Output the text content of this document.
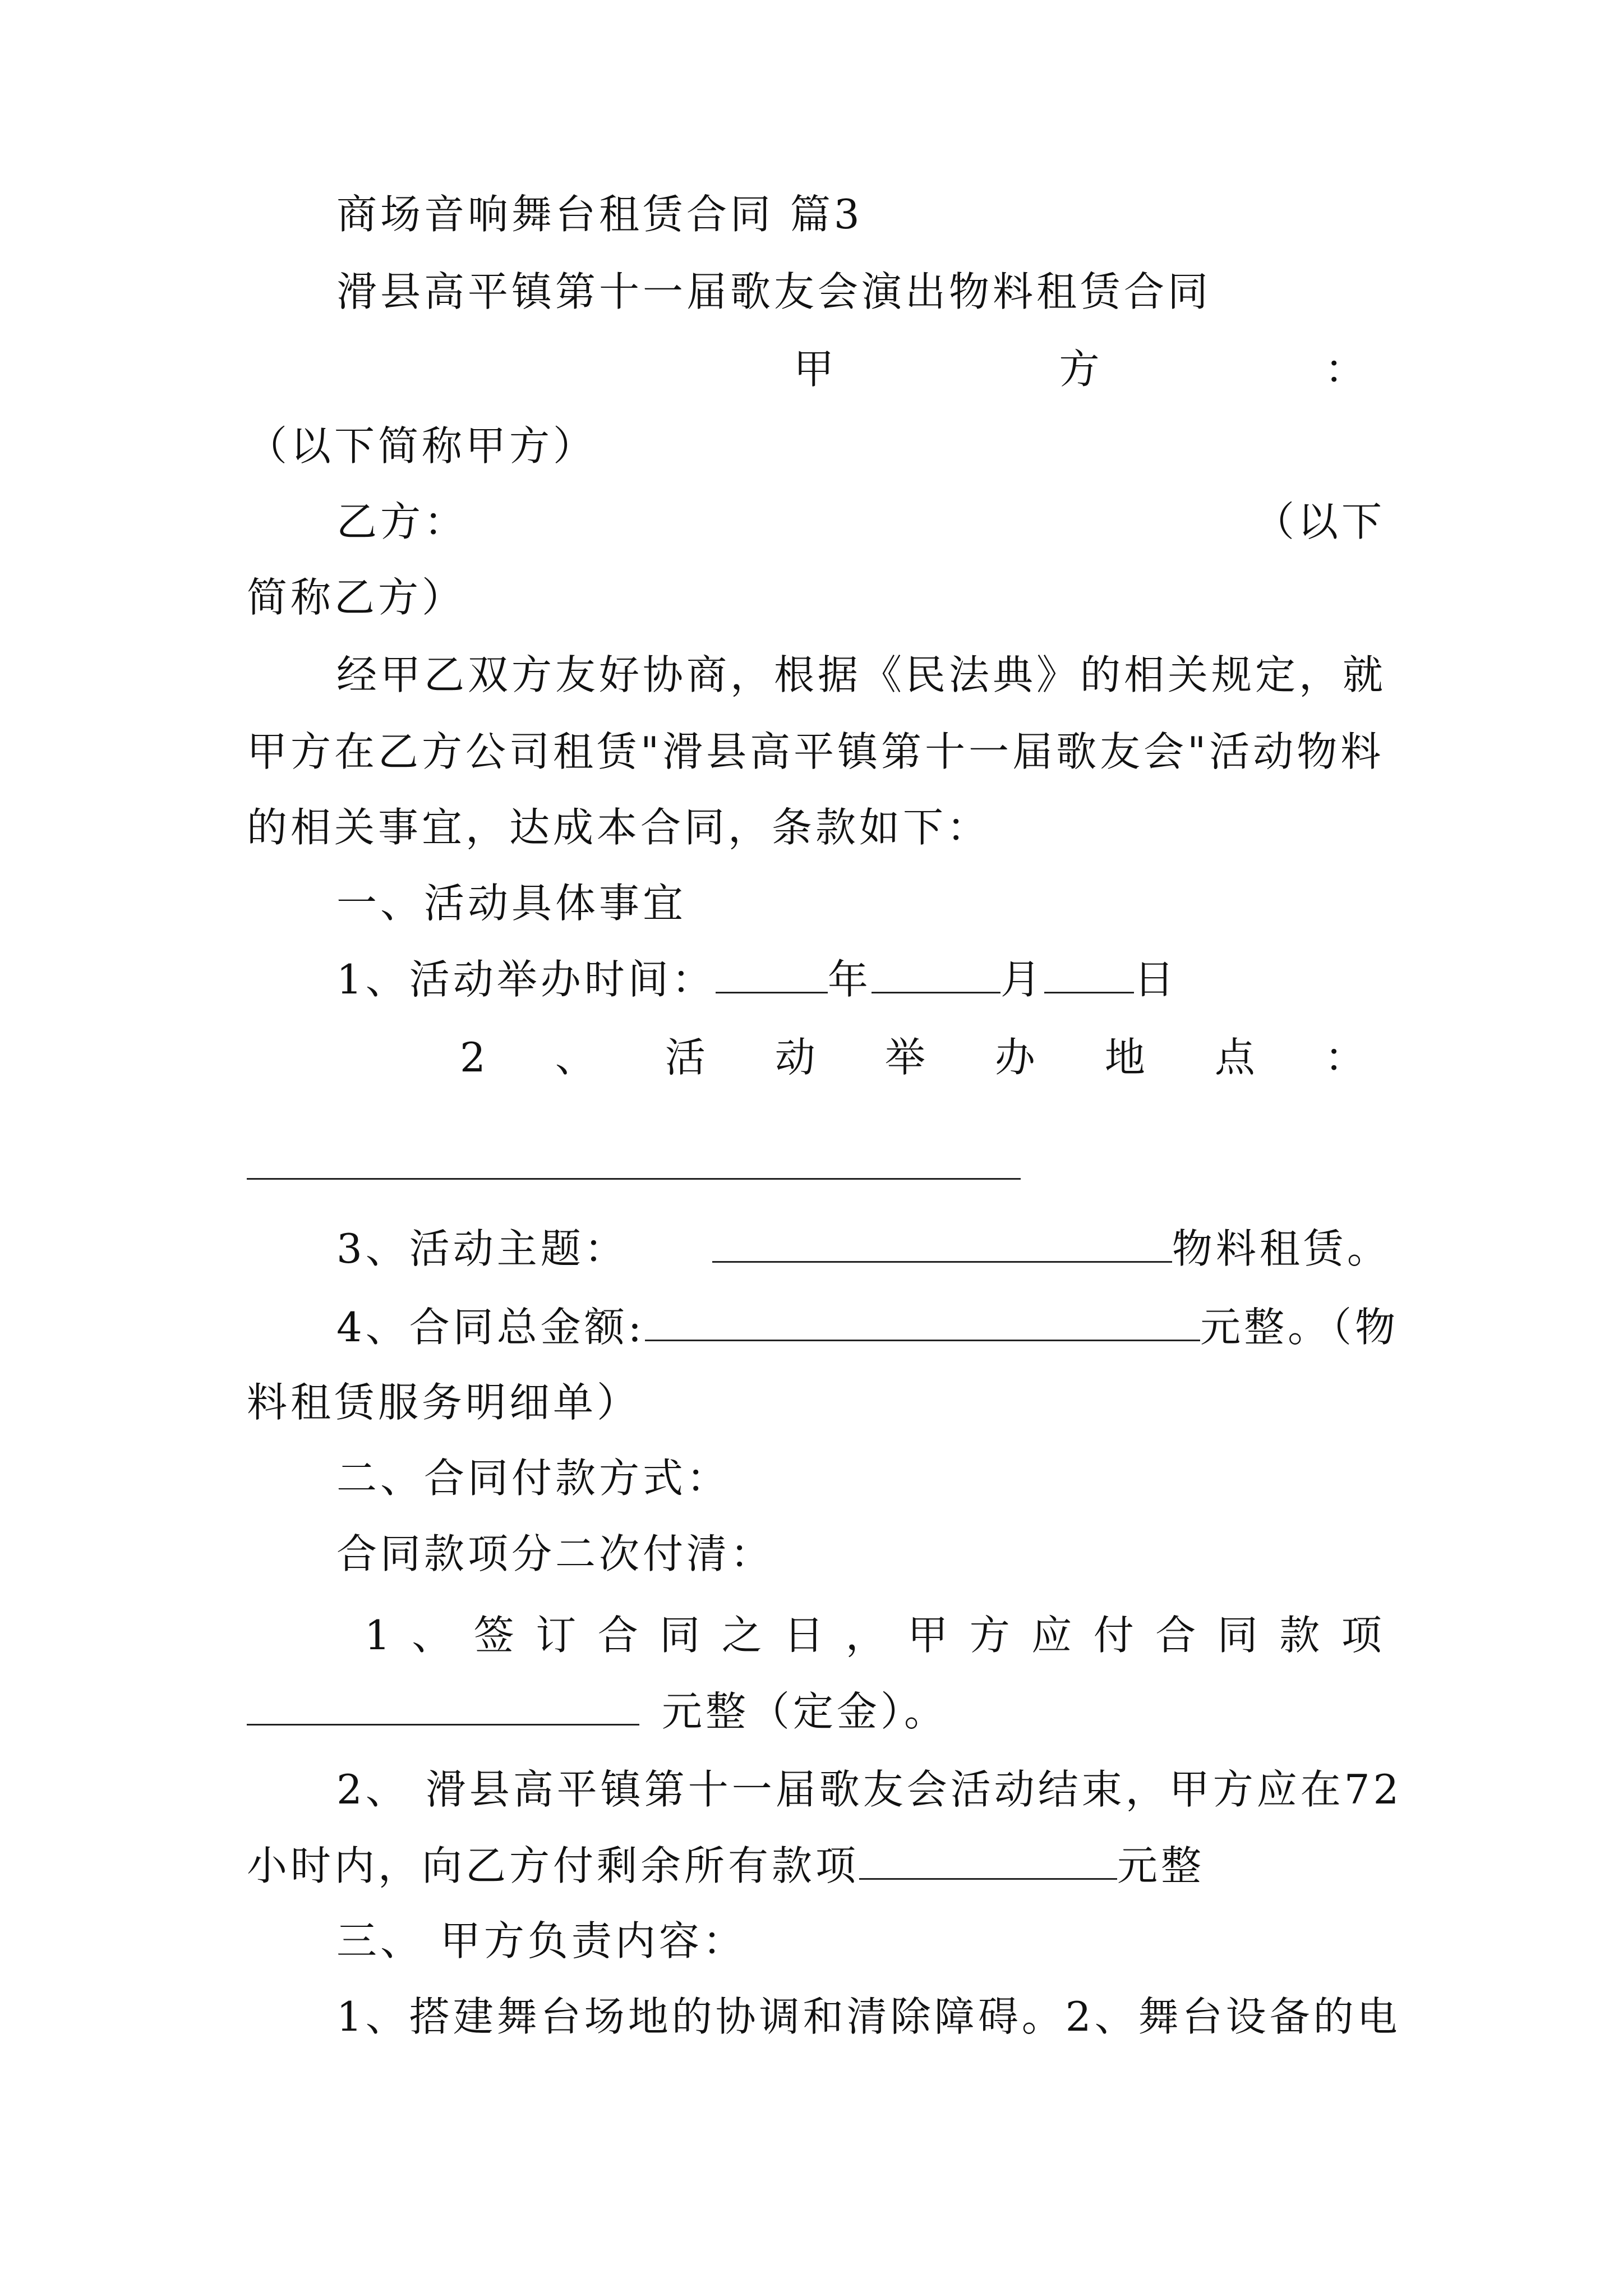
商场音响舞台租赁合同 篇3
滑县高平镇第十一届歌友会演出物料租赁合同
甲	方	：
（以下简称甲方）
乙方：	（以下
简称乙方）
经甲乙双方友好协商，根据《民法典》的相关规定，就
甲方在乙方公司租赁"滑县高平镇第十一届歌友会"活动物料
的相关事宜，达成本合同，条款如下：
一、活动具体事宜
1、活动举办时间：	年	月 日
2 、 活 动 举 办 地 点 ：
3、活动主题：	物料租赁。
4、合同总金额:	元整。（物
料租赁服务明细单）
二、合同付款方式：
合同款项分二次付清：
1 、 签 订 合 同 之 日 ， 甲 方 应 付 合 同 款 项
元整（定金）。
2、 滑县高平镇第十一届歌友会活动结束，甲方应在72
小时内，向乙方付剩余所有款项	元整
三、 甲方负责内容：
1、搭建舞台场地的协调和清除障碍。2、舞台设备的电
